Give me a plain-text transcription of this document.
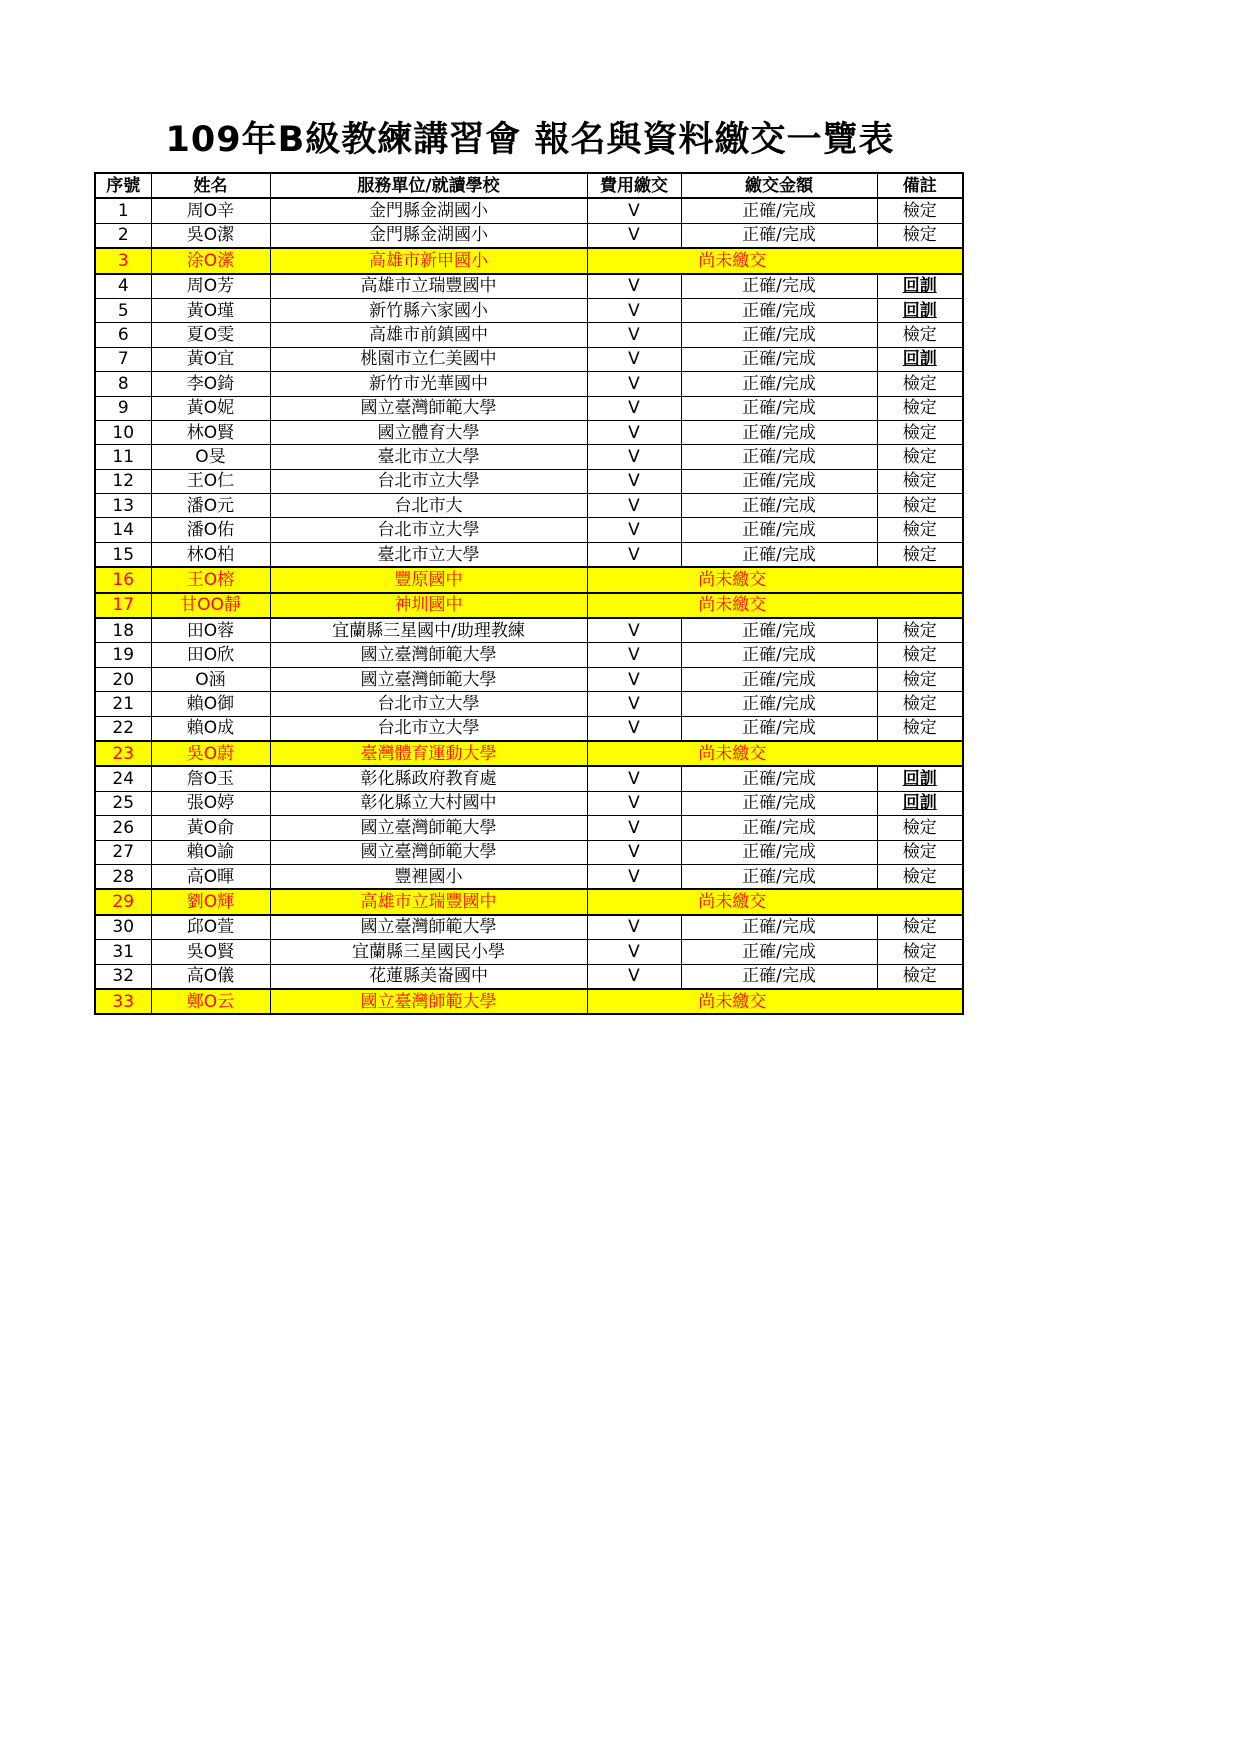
109年B級教練講習會 報名與資料繳交一覽表
序號	姓名	服務單位/就讀學校	費用繳交	繳交金額	備註
1	周O辛	金門縣金湖國小	V	正確/完成	檢定
2	吳O潔	金門縣金湖國小	V	正確/完成	檢定
3	涂O瀠	高雄市新甲國小	尚未繳交		
4	周O芳	高雄市立瑞豐國中	V	正確/完成	回訓
5	黃O瑾	新竹縣六家國小	V	正確/完成	回訓
6	夏O雯	高雄市前鎮國中	V	正確/完成	檢定
7	黃O宜	桃園市立仁美國中	V	正確/完成	回訓
8	李O錡	新竹市光華國中	V	正確/完成	檢定
9	黃O妮	國立臺灣師範大學	V	正確/完成	檢定
10	林O賢	國立體育大學	V	正確/完成	檢定
11	O旻	臺北市立大學	V	正確/完成	檢定
12	王O仁	台北市立大學	V	正確/完成	檢定
13	潘O元	台北市大	V	正確/完成	檢定
14	潘O佑	台北市立大學	V	正確/完成	檢定
15	林O柏	臺北市立大學	V	正確/完成	檢定
16	王O榕	豐原國中	尚未繳交		
17	甘OO靜	神圳國中	尚未繳交		
18	田O蓉	宜蘭縣三星國中/助理教練	V	正確/完成	檢定
19	田O欣	國立臺灣師範大學	V	正確/完成	檢定
20	O涵	國立臺灣師範大學	V	正確/完成	檢定
21	賴O御	台北市立大學	V	正確/完成	檢定
22	賴O成	台北市立大學	V	正確/完成	檢定
23	吳O蔚	臺灣體育運動大學	尚未繳交		
24	詹O玉	彰化縣政府教育處	V	正確/完成	回訓
25	張O婷	彰化縣立大村國中	V	正確/完成	回訓
26	黃O俞	國立臺灣師範大學	V	正確/完成	檢定
27	賴O諭	國立臺灣師範大學	V	正確/完成	檢定
28	高O暉	豐裡國小	V	正確/完成	檢定
29	劉O輝	高雄市立瑞豐國中	尚未繳交		
30	邱O萱	國立臺灣師範大學	V	正確/完成	檢定
31	吳O賢	宜蘭縣三星國民小學	V	正確/完成	檢定
32	高O儀	花蓮縣美崙國中	V	正確/完成	檢定
33	鄭O云	國立臺灣師範大學	尚未繳交		
